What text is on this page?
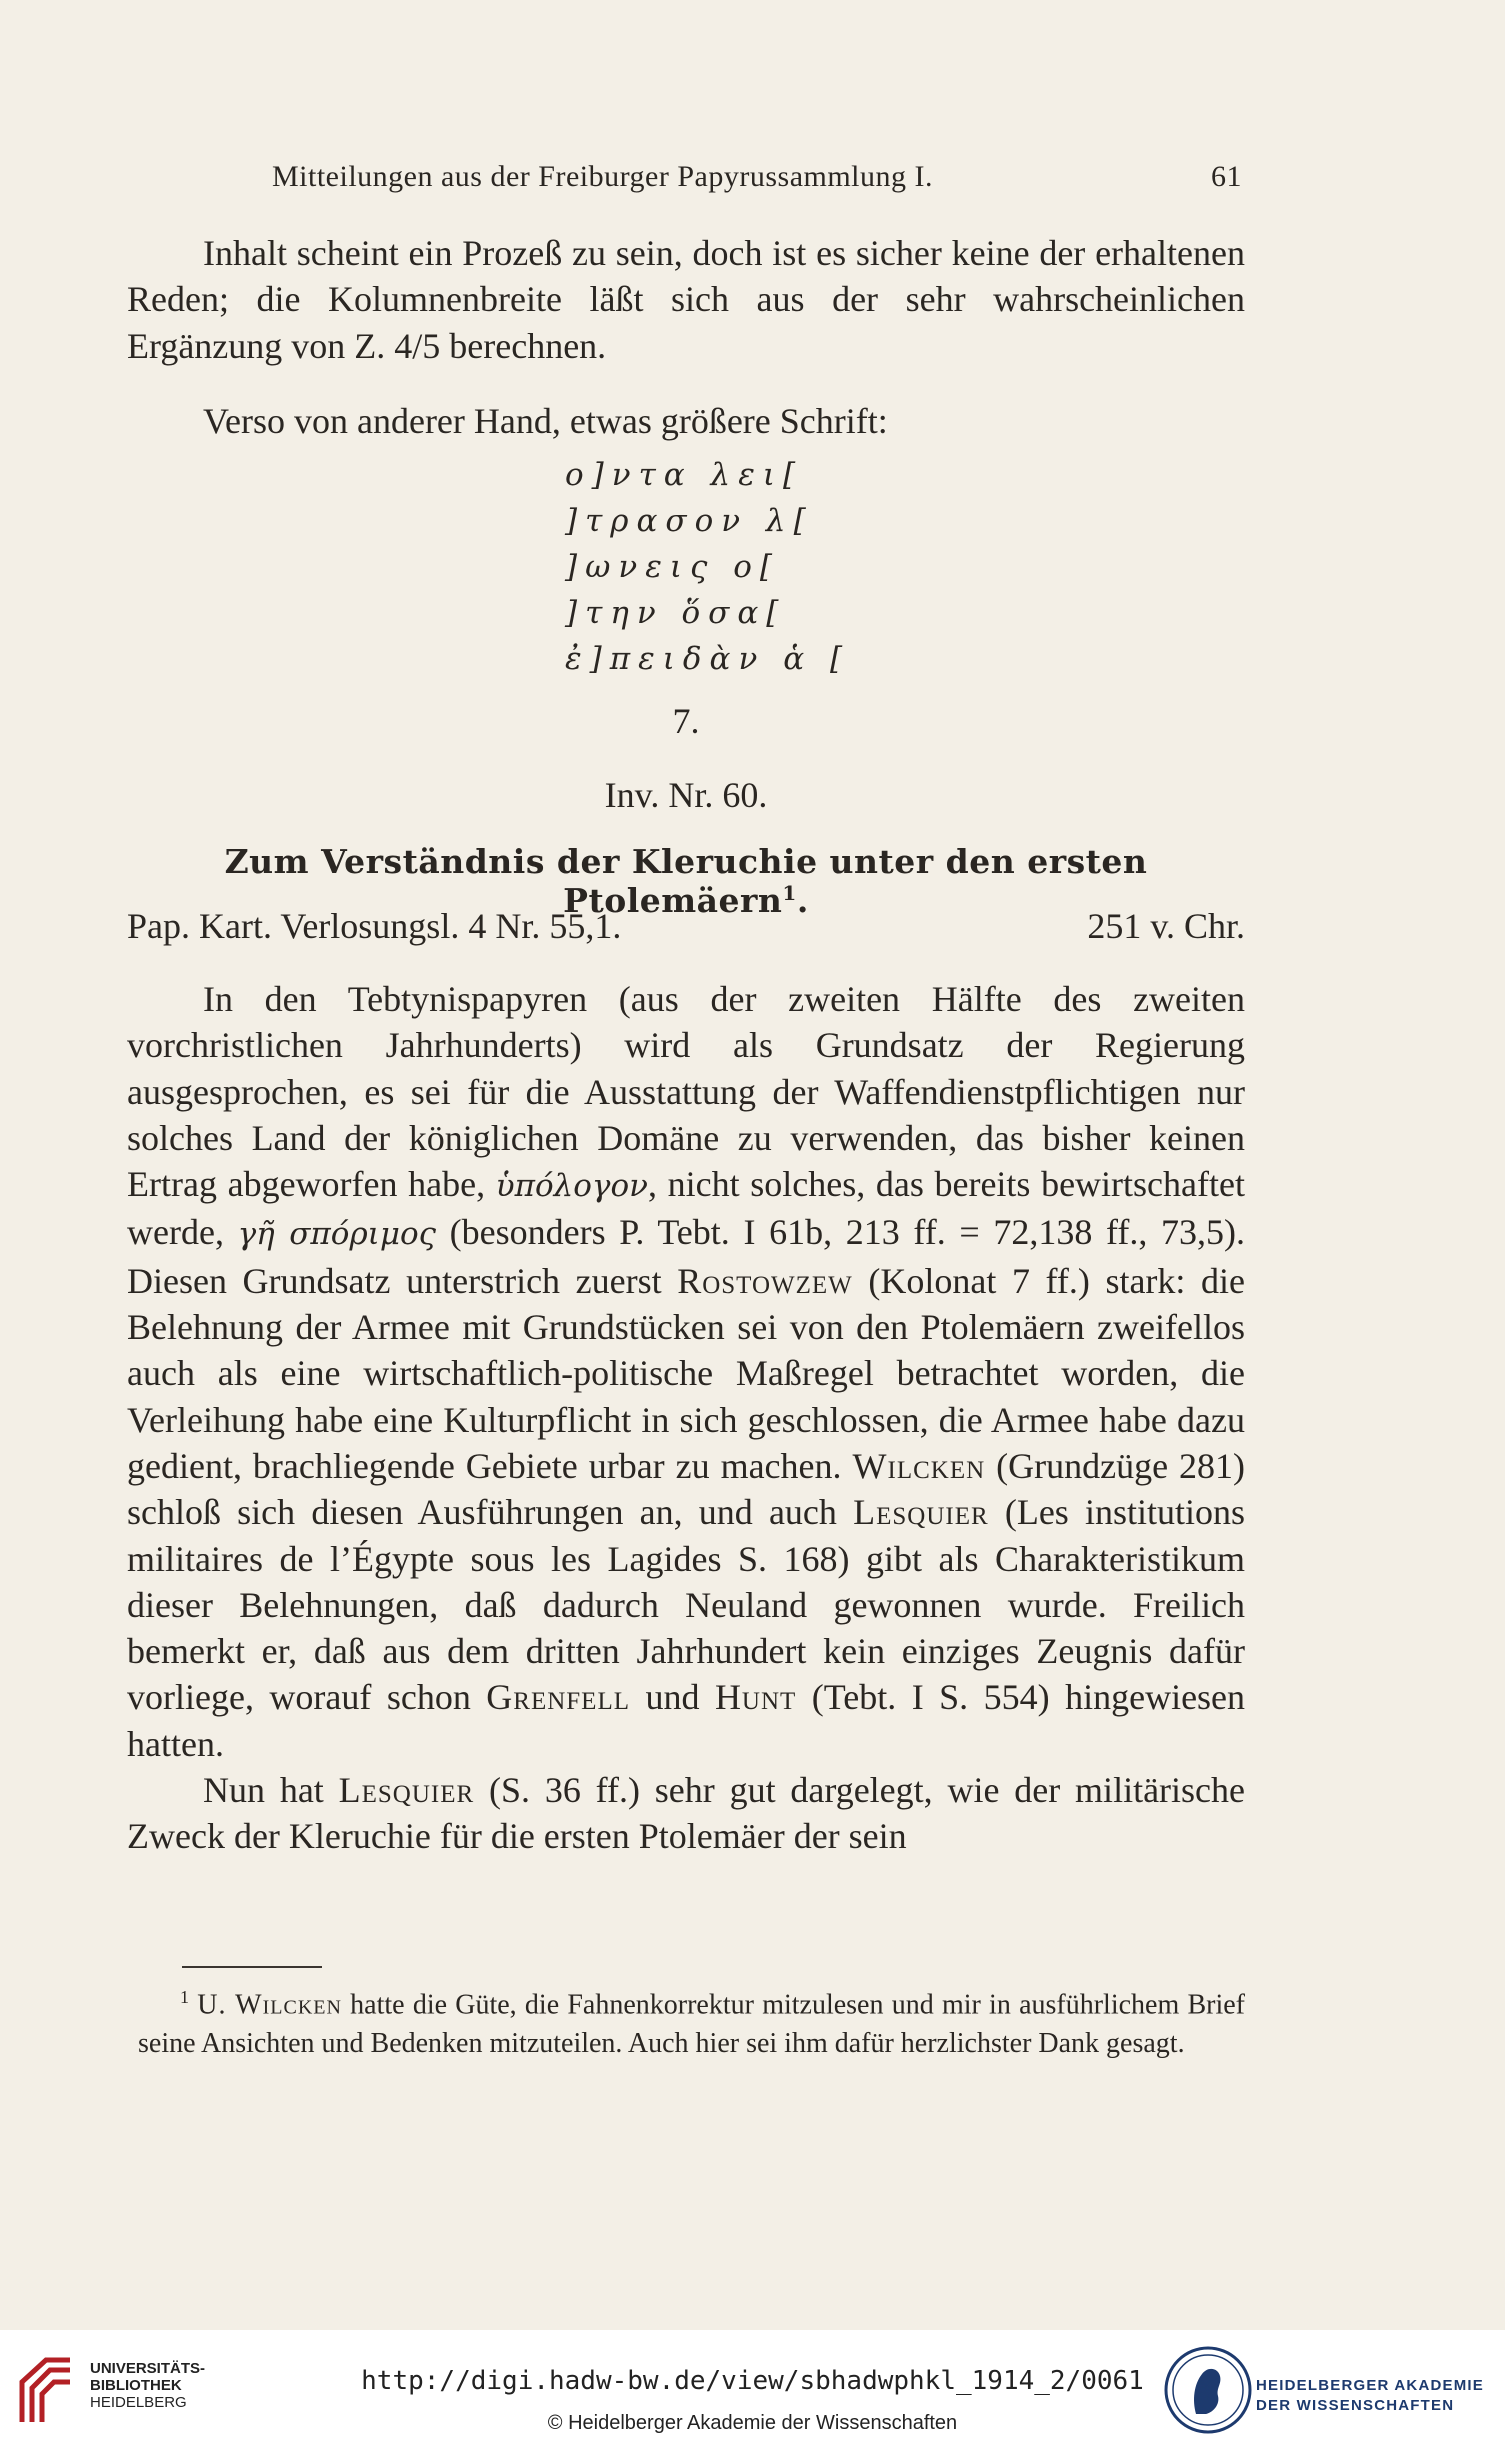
Mitteilungen aus der Freiburger Papyrussammlung I.	61

Inhalt scheint ein Prozeß zu sein, doch ist es sicher keine der erhaltenen Reden; die Kolumnenbreite läßt sich aus der sehr wahrscheinlichen Ergänzung von Z. 4/5 berechnen.

Verso von anderer Hand, etwas größere Schrift:

ο]ντα λει[
]τρασον λ[
]ωνεις ο[
]την ὅσα[
ἐ]πειδὰν ἁ [
7.
Inv. Nr. 60.
Zum Verständnis der Kleruchie unter den ersten Ptolemäern$^1$.
Pap. Kart. Verlosungsl. 4 Nr. 55,1.	251 v. Chr.

In den Tebtynispapyren (aus der zweiten Hälfte des zweiten vorchristlichen Jahrhunderts) wird als Grundsatz der Regierung ausgesprochen, es sei für die Ausstattung der Waffendienstpflichtigen nur solches Land der königlichen Domäne zu verwenden, das bisher keinen Ertrag abgeworfen habe, ὑπόλογον, nicht solches, das bereits bewirtschaftet werde, γῆ σπόριμος (besonders P. Tebt. I 61b, 213 ff. = 72,138 ff., 73,5). Diesen Grundsatz unterstrich zuerst Rostowzew (Kolonat 7 ff.) stark: die Belehnung der Armee mit Grundstücken sei von den Ptolemäern zweifellos auch als eine wirtschaftlich-politische Maßregel betrachtet worden, die Verleihung habe eine Kulturpflicht in sich geschlossen, die Armee habe dazu gedient, brachliegende Gebiete urbar zu machen. Wilcken (Grundzüge 281) schloß sich diesen Ausführungen an, und auch Lesquier (Les institutions militaires de l’Égypte sous les Lagides S. 168) gibt als Charakteristikum dieser Belehnungen, daß dadurch Neuland gewonnen wurde. Freilich bemerkt er, daß aus dem dritten Jahrhundert kein einziges Zeugnis dafür vorliege, worauf schon Grenfell und Hunt (Tebt. I S. 554) hingewiesen hatten.

Nun hat Lesquier (S. 36 ff.) sehr gut dargelegt, wie der militärische Zweck der Kleruchie für die ersten Ptolemäer der sein

$^1$ U. Wilcken hatte die Güte, die Fahnenkorrektur mitzulesen und mir in ausführlichem Brief seine Ansichten und Bedenken mitzuteilen. Auch hier sei ihm dafür herzlichster Dank gesagt.

UNIVERSITÄTS-
BIBLIOTHEK
HEIDELBERG
http://digi.hadw-bw.de/view/sbhadwphkl_1914_2/0061
© Heidelberger Akademie der Wissenschaften
HEIDELBERGER AKADEMIE
DER WISSENSCHAFTEN
